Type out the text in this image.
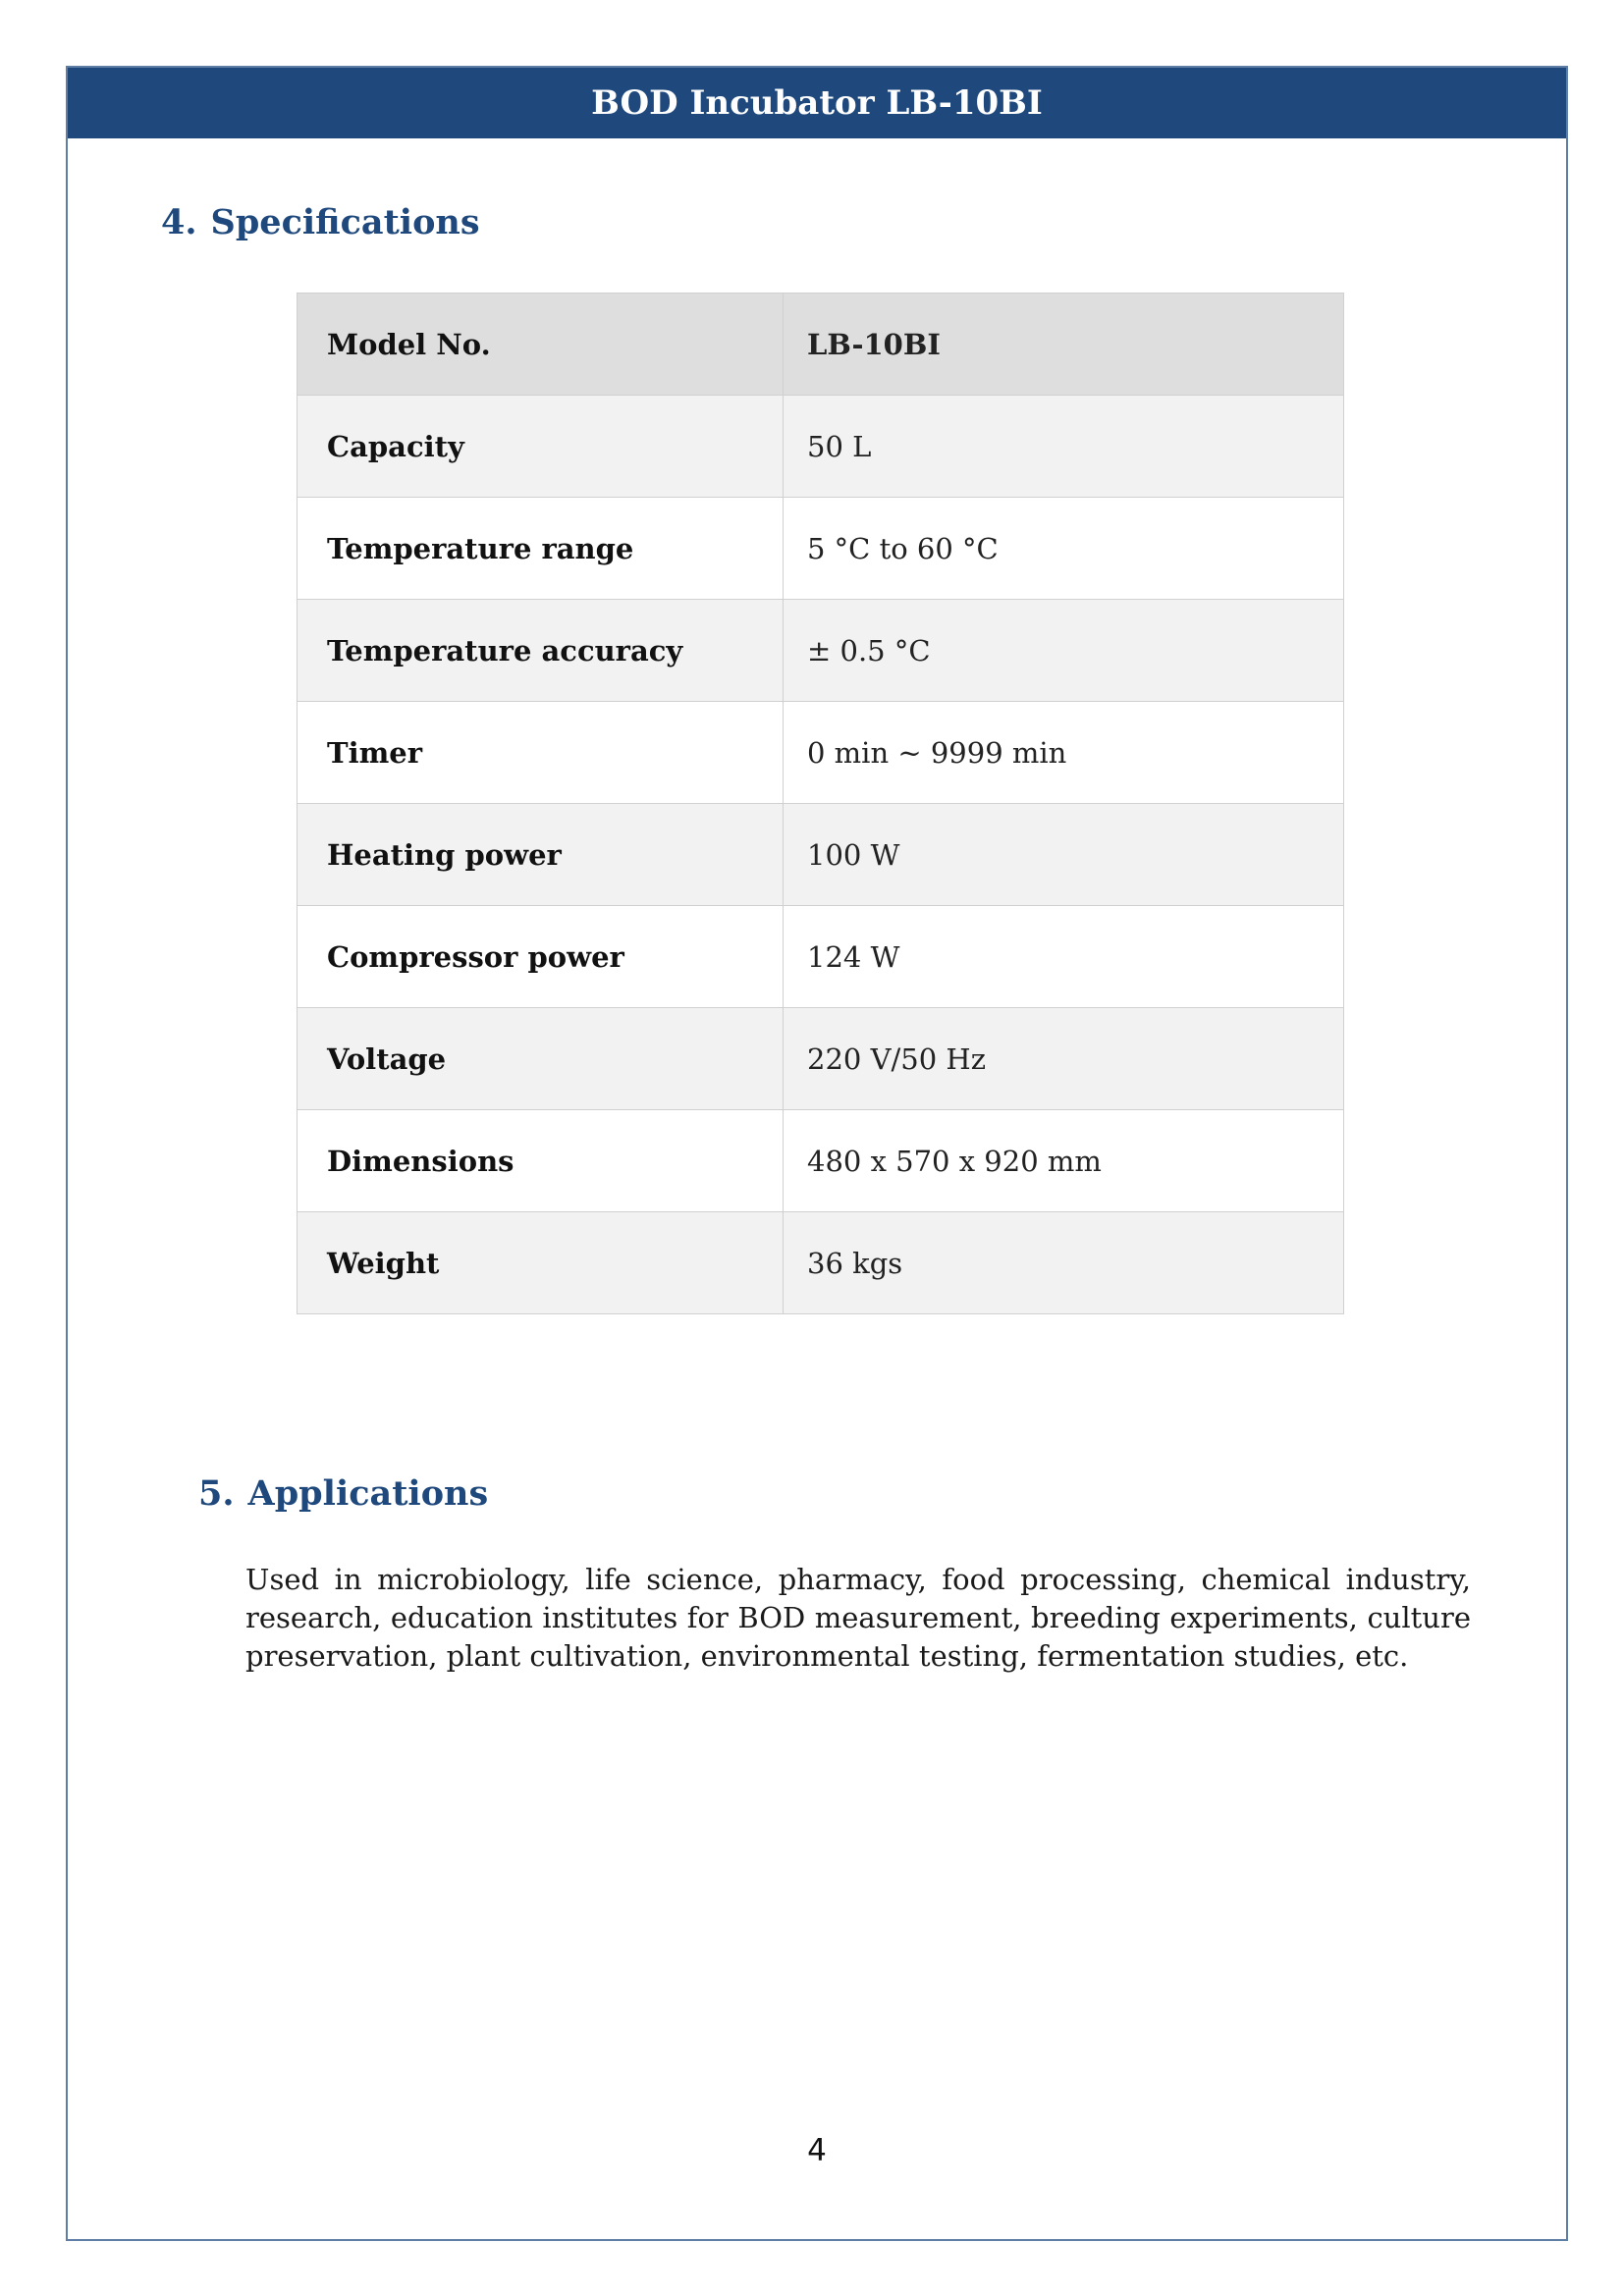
BOD Incubator LB-10BI
4. Specifications
Model No.	LB-10BI
Capacity	50 L
Temperature range	5 °C to 60 °C
Temperature accuracy	± 0.5 °C
Timer	0 min ~ 9999 min
Heating power	100 W
Compressor power	124 W
Voltage	220 V/50 Hz
Dimensions	480 x 570 x 920 mm
Weight	36 kgs
5. Applications

Used in microbiology, life science, pharmacy, food processing, chemical industry, research, education institutes for BOD measurement, breeding experiments, culture preservation, plant cultivation, environmental testing, fermentation studies, etc.

4
